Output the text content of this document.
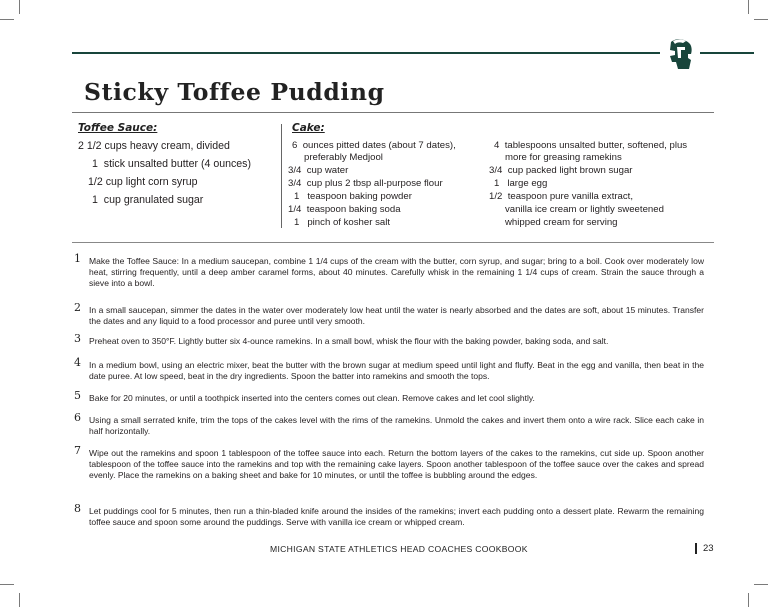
Sticky Toffee Pudding
Toffee Sauce:
2 1/2 cups heavy cream, divided
1 stick unsalted butter (4 ounces)
1/2 cup light corn syrup
1 cup granulated sugar
Cake:
6 ounces pitted dates (about 7 dates),
preferably Medjool
3/4 cup water
3/4 cup plus 2 tbsp all-purpose flour
1 teaspoon baking powder
1/4 teaspoon baking soda
1 pinch of kosher salt
4 tablespoons unsalted butter, softened, plus
more for greasing ramekins
3/4 cup packed light brown sugar
1 large egg
1/2 teaspoon pure vanilla extract,
vanilla ice cream or lightly sweetened
whipped cream for serving
1 Make the Toffee Sauce: In a medium saucepan, combine 1 1/4 cups of the cream with the butter, corn syrup, and sugar; bring to a boil. Cook over moderately low heat, stirring frequently, until a deep amber caramel forms, about 40 minutes. Carefully whisk in the remaining 1 1/4 cups of cream. Strain the sauce through a sieve into a bowl.
2 In a small saucepan, simmer the dates in the water over moderately low heat until the water is nearly absorbed and the dates are soft, about 15 minutes. Transfer the dates and any liquid to a food processor and puree until very smooth.
3 Preheat oven to 350°F. Lightly butter six 4-ounce ramekins. In a small bowl, whisk the flour with the baking powder, baking soda, and salt.
4 In a medium bowl, using an electric mixer, beat the butter with the brown sugar at medium speed until light and fluffy. Beat in the egg and vanilla, then beat in the date puree. At low speed, beat in the dry ingredients. Spoon the batter into ramekins and smooth the tops.
5 Bake for 20 minutes, or until a toothpick inserted into the centers comes out clean. Remove cakes and let cool slightly.
6 Using a small serrated knife, trim the tops of the cakes level with the rims of the ramekins. Unmold the cakes and invert them onto a wire rack. Slice each cake in half horizontally.
7 Wipe out the ramekins and spoon 1 tablespoon of the toffee sauce into each. Return the bottom layers of the cakes to the ramekins, cut side up. Spoon another tablespoon of the toffee sauce into the ramekins and top with the remaining cake layers. Spoon another tablespoon of the toffee sauce over the cakes and spread evenly. Place the ramekins on a baking sheet and bake for 10 minutes, or until the toffee is bubbling around the edges.
8 Let puddings cool for 5 minutes, then run a thin-bladed knife around the insides of the ramekins; invert each pudding onto a dessert plate. Rewarm the remaining toffee sauce and spoon some around the puddings. Serve with vanilla ice cream or whipped cream.
MICHIGAN STATE ATHLETICS HEAD COACHES COOKBOOK	23
